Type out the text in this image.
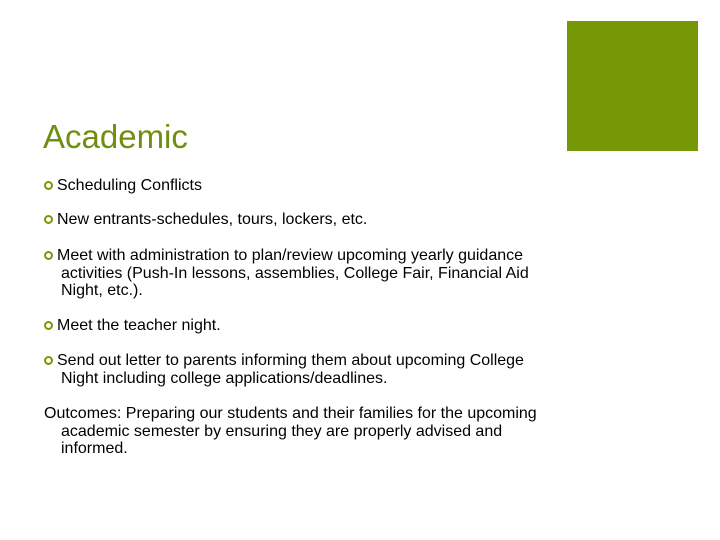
Academic
Scheduling Conflicts
New entrants-schedules, tours, lockers, etc.
Meet with administration to plan/review upcoming yearly guidance activities (Push-In lessons, assemblies, College Fair, Financial Aid Night, etc.).
Meet the teacher night.
Send out letter to parents informing them about upcoming College Night including college applications/deadlines.
Outcomes: Preparing our students and their families for the upcoming academic semester by ensuring they are properly advised and informed.
